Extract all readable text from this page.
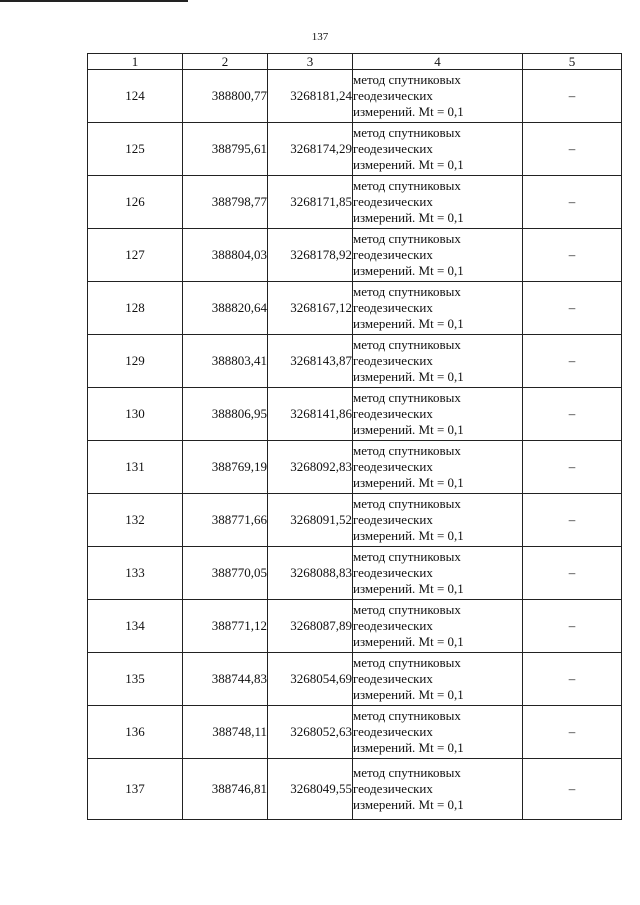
137
1	2	3	4	5
124	388800,77	3268181,24	метод спутниковых
геодезических
измерений. Mt = 0,1	–
125	388795,61	3268174,29	метод спутниковых
геодезических
измерений. Mt = 0,1	–
126	388798,77	3268171,85	метод спутниковых
геодезических
измерений. Mt = 0,1	–
127	388804,03	3268178,92	метод спутниковых
геодезических
измерений. Mt = 0,1	–
128	388820,64	3268167,12	метод спутниковых
геодезических
измерений. Mt = 0,1	–
129	388803,41	3268143,87	метод спутниковых
геодезических
измерений. Mt = 0,1	–
130	388806,95	3268141,86	метод спутниковых
геодезических
измерений. Mt = 0,1	–
131	388769,19	3268092,83	метод спутниковых
геодезических
измерений. Mt = 0,1	–
132	388771,66	3268091,52	метод спутниковых
геодезических
измерений. Mt = 0,1	–
133	388770,05	3268088,83	метод спутниковых
геодезических
измерений. Mt = 0,1	–
134	388771,12	3268087,89	метод спутниковых
геодезических
измерений. Mt = 0,1	–
135	388744,83	3268054,69	метод спутниковых
геодезических
измерений. Mt = 0,1	–
136	388748,11	3268052,63	метод спутниковых
геодезических
измерений. Mt = 0,1	–
137	388746,81	3268049,55	метод спутниковых
геодезических
измерений. Mt = 0,1	–
